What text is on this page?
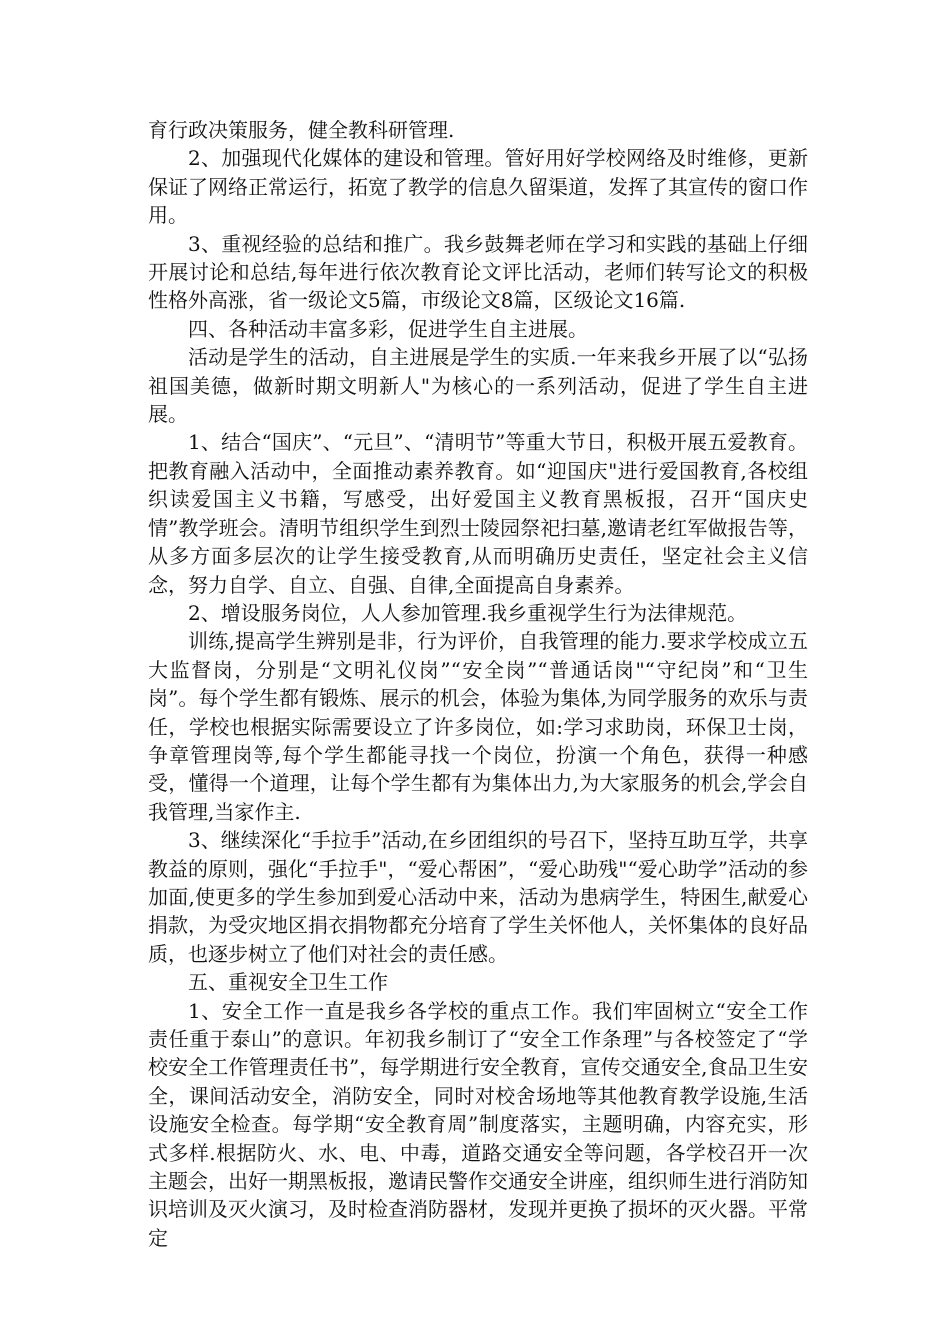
育行政决策服务，健全教科研管理.

2、加强现代化媒体的建设和管理。管好用好学校网络及时维修，更新保证了网络正常运行，拓宽了教学的信息久留渠道，发挥了其宣传的窗口作用。

3、重视经验的总结和推广。我乡鼓舞老师在学习和实践的基础上仔细开展讨论和总结,每年进行依次教育论文评比活动，老师们转写论文的积极性格外高涨，省一级论文5篇，市级论文8篇，区级论文16篇.

四、各种活动丰富多彩，促进学生自主进展。

活动是学生的活动，自主进展是学生的实质.一年来我乡开展了以“弘扬祖国美德，做新时期文明新人"为核心的一系列活动，促进了学生自主进展。

1、结合“国庆”、“元旦”、“清明节”等重大节日，积极开展五爱教育。把教育融入活动中，全面推动素养教育。如“迎国庆"进行爱国教育,各校组织读爱国主义书籍，写感受，出好爱国主义教育黑板报，召开“国庆史情”教学班会。清明节组织学生到烈士陵园祭祀扫墓,邀请老红军做报告等，从多方面多层次的让学生接受教育,从而明确历史责任，坚定社会主义信念，努力自学、自立、自强、自律,全面提高自身素养。

2、增设服务岗位，人人参加管理.我乡重视学生行为法律规范。

训练,提高学生辨别是非，行为评价，自我管理的能力.要求学校成立五大监督岗，分别是“文明礼仪岗”“安全岗”“普通话岗"“守纪岗”和“卫生岗”。每个学生都有锻炼、展示的机会，体验为集体,为同学服务的欢乐与责任，学校也根据实际需要设立了许多岗位，如:学习求助岗，环保卫士岗，争章管理岗等,每个学生都能寻找一个岗位，扮演一个角色，获得一种感受，懂得一个道理，让每个学生都有为集体出力,为大家服务的机会,学会自我管理,当家作主.

3、继续深化“手拉手”活动,在乡团组织的号召下，坚持互助互学，共享教益的原则，强化“手拉手"，“爱心帮困”，“爱心助残"“爱心助学”活动的参加面,使更多的学生参加到爱心活动中来，活动为患病学生，特困生,献爱心捐款，为受灾地区捐衣捐物都充分培育了学生关怀他人，关怀集体的良好品质，也逐步树立了他们对社会的责任感。

五、重视安全卫生工作

1、安全工作一直是我乡各学校的重点工作。我们牢固树立“安全工作责任重于泰山”的意识。年初我乡制订了“安全工作条理”与各校签定了“学校安全工作管理责任书”，每学期进行安全教育，宣传交通安全,食品卫生安全，课间活动安全，消防安全，同时对校舍场地等其他教育教学设施,生活设施安全检查。每学期“安全教育周”制度落实，主题明确，内容充实，形式多样.根据防火、水、电、中毒，道路交通安全等问题，各学校召开一次主题会，出好一期黑板报，邀请民警作交通安全讲座，组织师生进行消防知识培训及灭火演习，及时检查消防器材，发现并更换了损坏的灭火器。平常定
